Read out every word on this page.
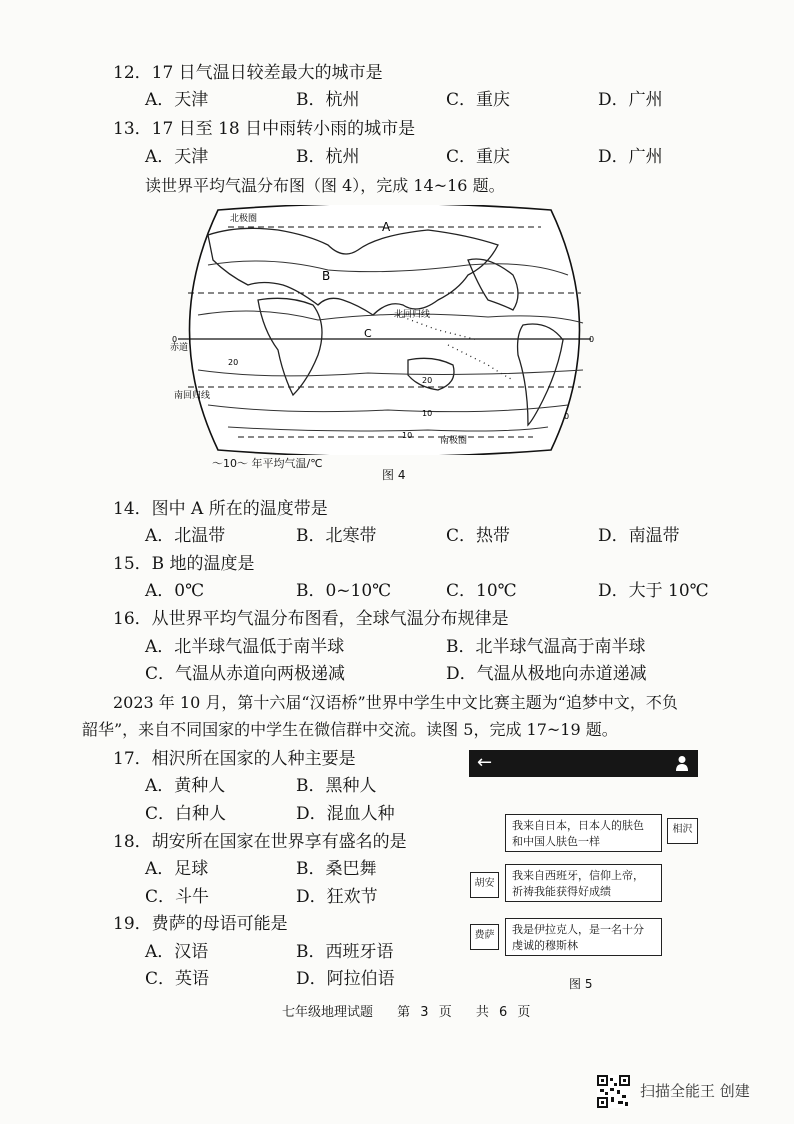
12．17 日气温日较差最大的城市是
A．天津	B．杭州	C．重庆	D．广州
13．17 日至 18 日中雨转小雨的城市是
A．天津	B．杭州	C．重庆	D．广州
读世界平均气温分布图（图 4），完成 14~16 题。
北极圈
A
B
C
北回归线
赤道
南回归线
南极圈
0	0
20
20
10
10
0
〜10〜 年平均气温/℃
图 4
14．图中 A 所在的温度带是
A．北温带	B．北寒带	C．热带	D．南温带
15．B 地的温度是
A．0℃	B．0~10℃	C．10℃	D．大于 10℃
16．从世界平均气温分布图看，全球气温分布规律是
A．北半球气温低于南半球	B．北半球气温高于南半球
C．气温从赤道向两极递减	D．气温从极地向赤道递减
2023 年 10 月，第十六届“汉语桥”世界中学生中文比赛主题为“追梦中文，不负
韶华”，来自不同国家的中学生在微信群中交流。读图 5，完成 17~19 题。
17．相沢所在国家的人种主要是
A．黄种人	B．黑种人
C．白种人	D．混血人种
18．胡安所在国家在世界享有盛名的是
A．足球	B．桑巴舞
C．斗牛	D．狂欢节
19．费萨的母语可能是
A．汉语	B．西班牙语
C．英语	D．阿拉伯语
←
我来自日本，日本人的肤色
和中国人肤色一样
相沢
胡安
我来自西班牙，信仰上帝，
祈祷我能获得好成绩
费萨	我是伊拉克人，是一名十分
虔诚的穆斯林
图 5
七年级地理试题 第 3 页 共 6 页
扫描全能王 创建
